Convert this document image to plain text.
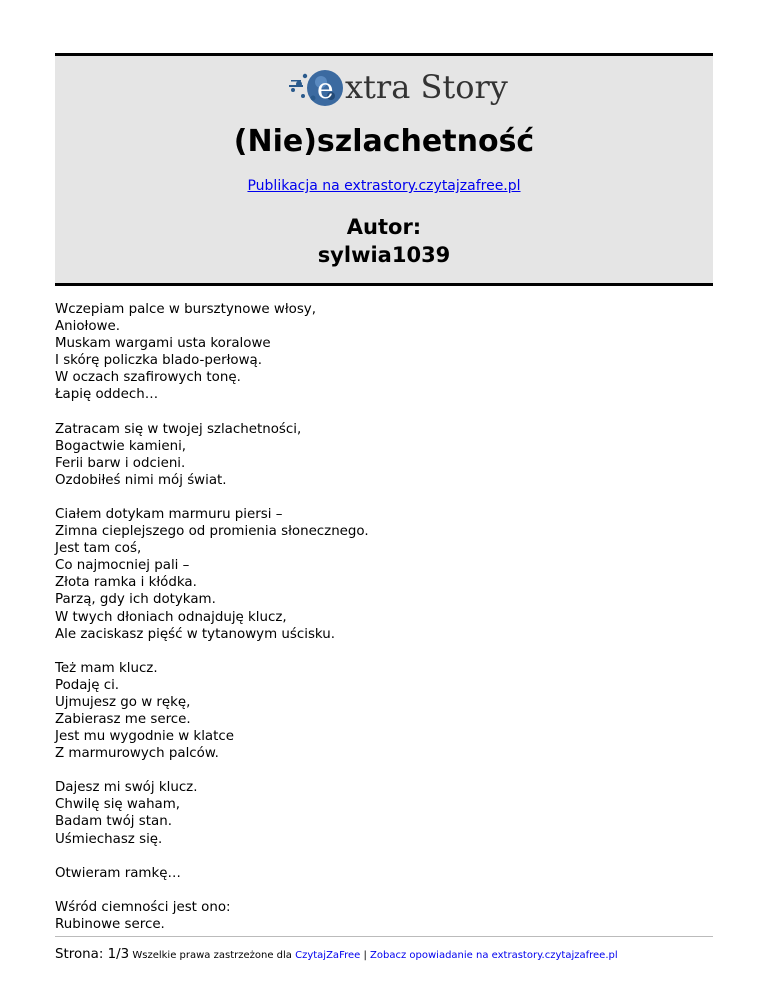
e xtra Story
(Nie)szlachetność
Publikacja na extrastory.czytajzafree.pl
Autor:
sylwia1039
Wczepiam palce w bursztynowe włosy,
Aniołowe.
Muskam wargami usta koralowe
I skórę policzka blado-perłową.
W oczach szafirowych tonę.
Łapię oddech…
Zatracam się w twojej szlachetności,
Bogactwie kamieni,
Ferii barw i odcieni.
Ozdobiłeś nimi mój świat.
Ciałem dotykam marmuru piersi –
Zimna cieplejszego od promienia słonecznego.
Jest tam coś,
Co najmocniej pali –
Złota ramka i kłódka.
Parzą, gdy ich dotykam.
W twych dłoniach odnajduję klucz,
Ale zaciskasz pięść w tytanowym uścisku.
Też mam klucz.
Podaję ci.
Ujmujesz go w rękę,
Zabierasz me serce.
Jest mu wygodnie w klatce
Z marmurowych palców.
Dajesz mi swój klucz.
Chwilę się waham,
Badam twój stan.
Uśmiechasz się.
Otwieram ramkę…
Wśród ciemności jest ono:
Rubinowe serce.
Strona: 1/3 Wszelkie prawa zastrzeżone dla CzytajZaFree | Zobacz opowiadanie na extrastory.czytajzafree.pl
